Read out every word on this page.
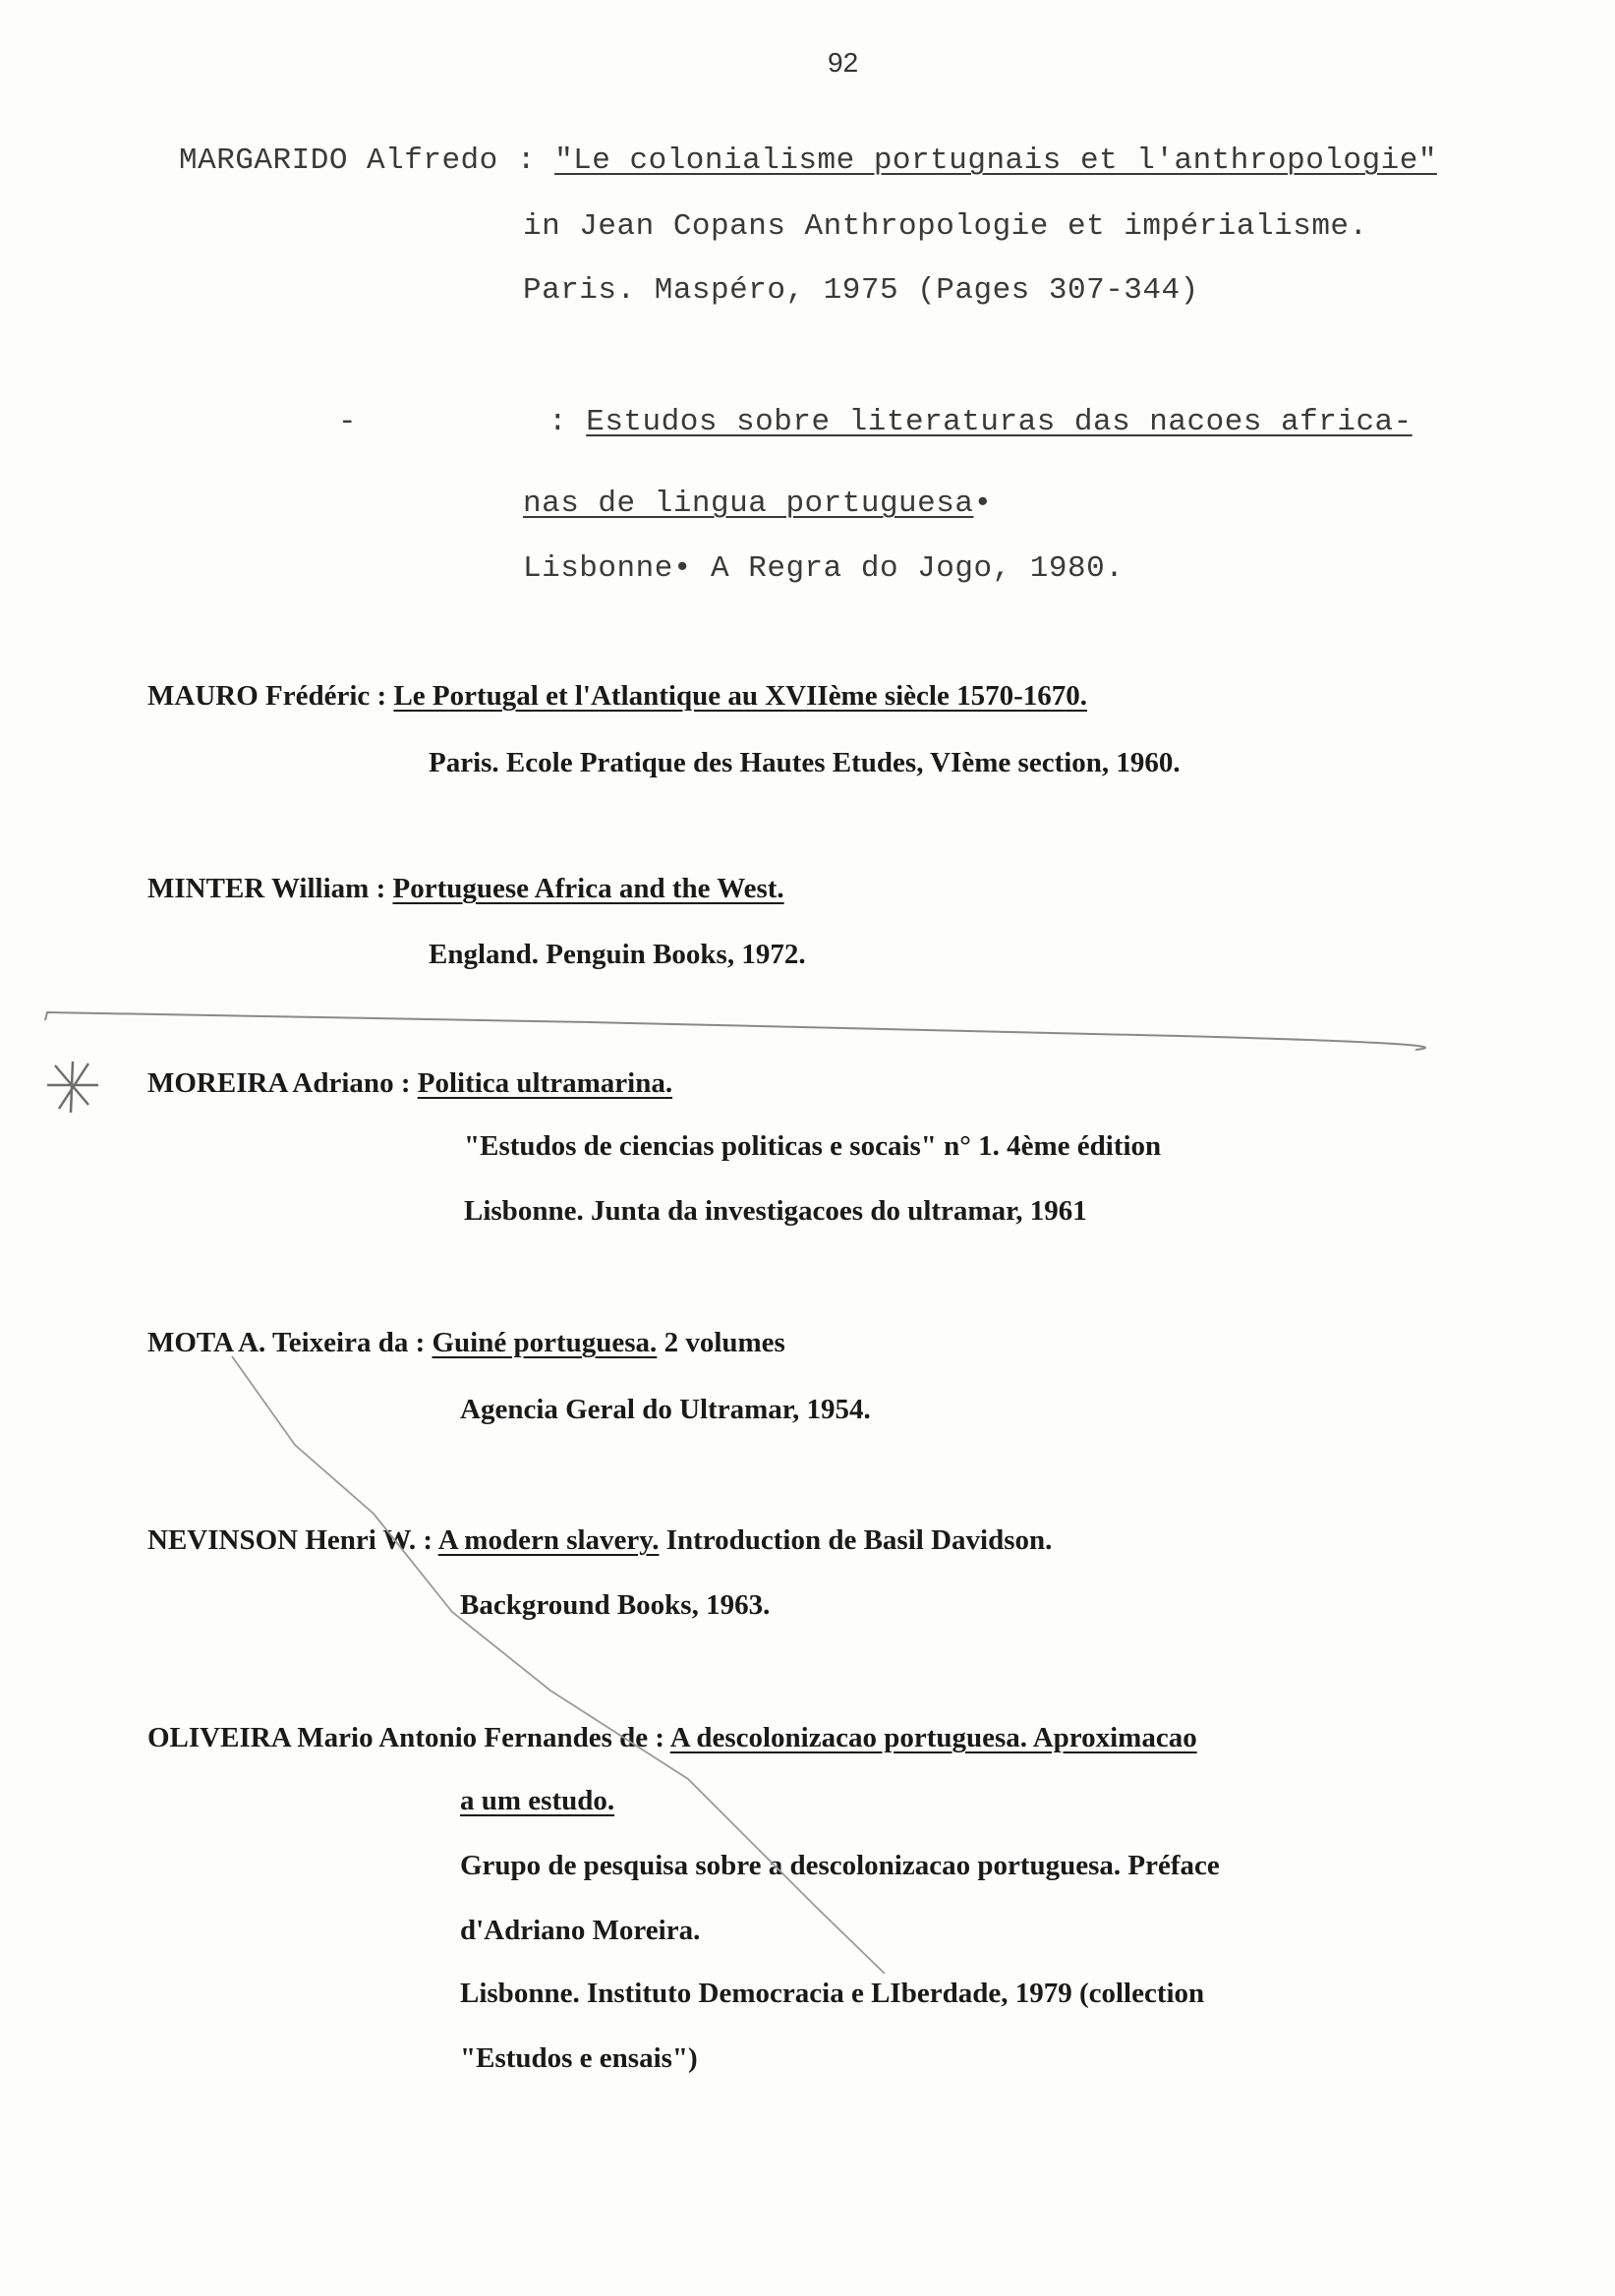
92
MARGARIDO Alfredo : "Le colonialisme portugnais et l'anthropologie"
in Jean Copans Anthropologie et impérialisme.
Paris. Maspéro, 1975 (Pages 307-344)
-	: Estudos sobre literaturas das nacoes africa-
nas de lingua portuguesa•
Lisbonne• A Regra do Jogo, 1980.
MAURO Frédéric : Le Portugal et l'Atlantique au XVIIème siècle 1570-1670.
Paris. Ecole Pratique des Hautes Etudes, VIème section, 1960.
MINTER William : Portuguese Africa and the West.
England. Penguin Books, 1972.
MOREIRA Adriano : Politica ultramarina.
"Estudos de ciencias politicas e socais" n° 1. 4ème édition
Lisbonne. Junta da investigacoes do ultramar, 1961
MOTA A. Teixeira da : Guiné portuguesa. 2 volumes
Agencia Geral do Ultramar, 1954.
NEVINSON Henri W. : A modern slavery. Introduction de Basil Davidson.
Background Books, 1963.
OLIVEIRA Mario Antonio Fernandes de : A descolonizacao portuguesa. Aproximacao
a um estudo.
Grupo de pesquisa sobre a descolonizacao portuguesa. Préface
d'Adriano Moreira.
Lisbonne. Instituto Democracia e LIberdade, 1979 (collection
"Estudos e ensais")
